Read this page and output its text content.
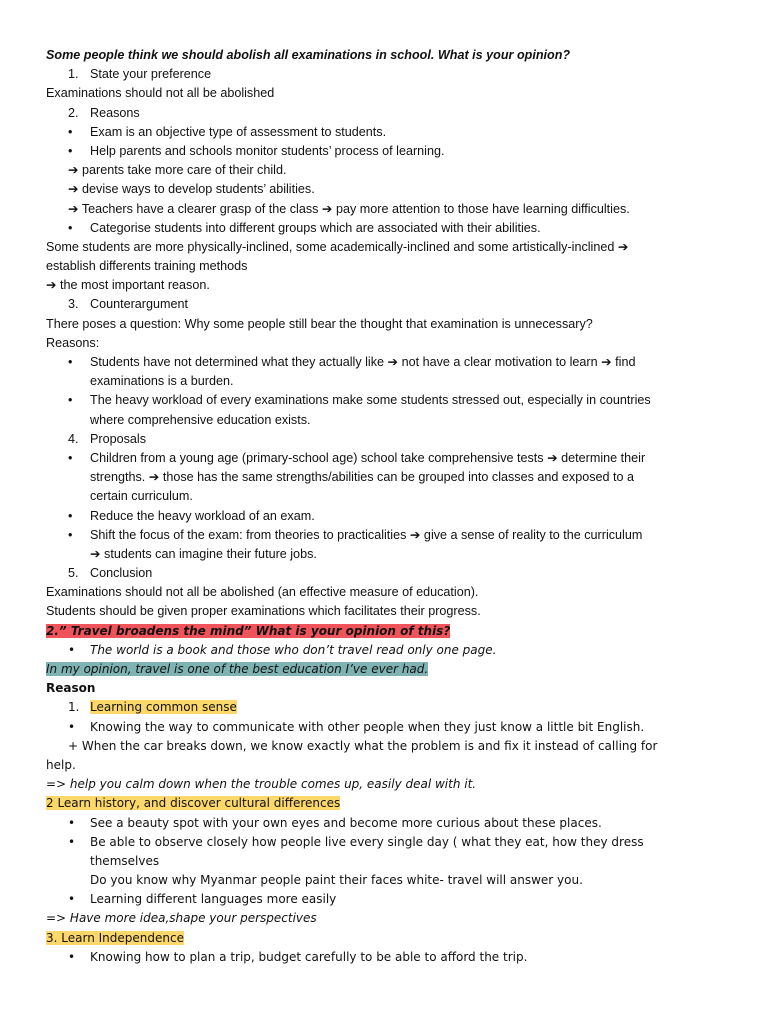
Some people think we should abolish all examinations in school. What is your opinion?
1. State your preference
Examinations should not all be abolished
2. Reasons
• Exam is an objective type of assessment to students.
• Help parents and schools monitor students’ process of learning.
➔ parents take more care of their child.
➔ devise ways to develop students’ abilities.
➔ Teachers have a clearer grasp of the class ➔ pay more attention to those have learning difficulties.
• Categorise students into different groups which are associated with their abilities.
Some students are more physically-inclined, some academically-inclined and some artistically-inclined ➔
establish differents training methods
➔ the most important reason.
3. Counterargument
There poses a question: Why some people still bear the thought that examination is unnecessary?
Reasons:
• Students have not determined what they actually like ➔ not have a clear motivation to learn ➔ find
examinations is a burden.
• The heavy workload of every examinations make some students stressed out, especially in countries
where comprehensive education exists.
4. Proposals
• Children from a young age (primary-school age) school take comprehensive tests ➔ determine their
strengths. ➔ those has the same strengths/abilities can be grouped into classes and exposed to a
certain curriculum.
• Reduce the heavy workload of an exam.
• Shift the focus of the exam: from theories to practicalities ➔ give a sense of reality to the curriculum
➔ students can imagine their future jobs.
5. Conclusion
Examinations should not all be abolished (an effective measure of education).
Students should be given proper examinations which facilitates their progress.
2.” Travel broadens the mind” What is your opinion of this?
• The world is a book and those who don’t travel read only one page.
In my opinion, travel is one of the best education I’ve ever had.
Reason
1. Learning common sense
• Knowing the way to communicate with other people when they just know a little bit English.
+ When the car breaks down, we know exactly what the problem is and fix it instead of calling for
help.
=> help you calm down when the trouble comes up, easily deal with it.
2 Learn history, and discover cultural differences
• See a beauty spot with your own eyes and become more curious about these places.
• Be able to observe closely how people live every single day ( what they eat, how they dress
themselves
Do you know why Myanmar people paint their faces white- travel will answer you.
• Learning different languages more easily
=> Have more idea,shape your perspectives
3. Learn Independence
• Knowing how to plan a trip, budget carefully to be able to afford the trip.
